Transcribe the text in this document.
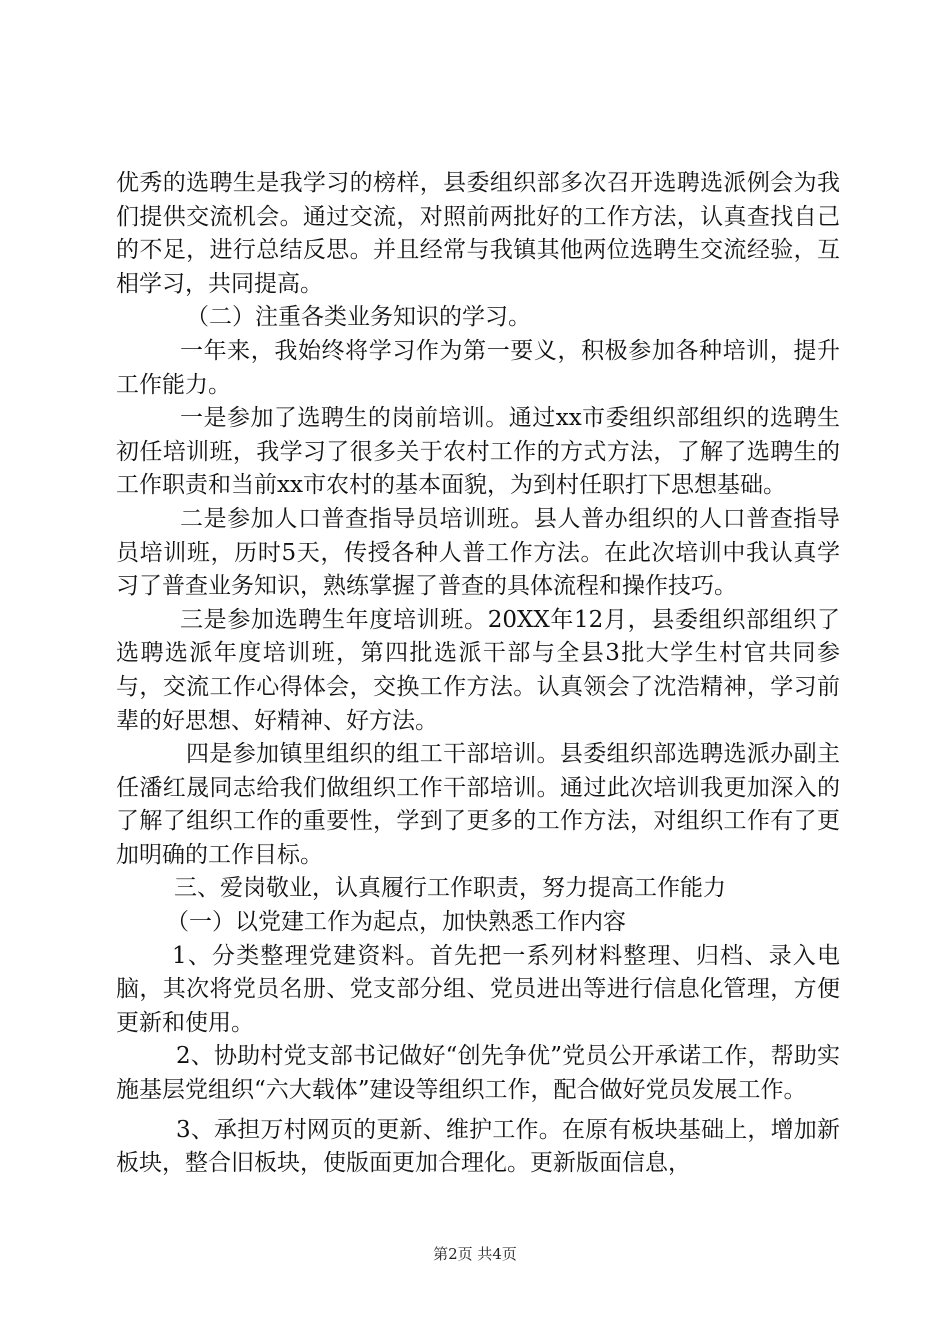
优秀的选聘生是我学习的榜样，县委组织部多次召开选聘选派例会为我们提供交流机会。通过交流，对照前两批好的工作方法，认真查找自己的不足，进行总结反思。并且经常与我镇其他两位选聘生交流经验，互相学习，共同提高。

（二）注重各类业务知识的学习。

一年来，我始终将学习作为第一要义，积极参加各种培训，提升工作能力。

一是参加了选聘生的岗前培训。通过xx市委组织部组织的选聘生初任培训班，我学习了很多关于农村工作的方式方法，了解了选聘生的工作职责和当前xx市农村的基本面貌，为到村任职打下思想基础。

二是参加人口普查指导员培训班。县人普办组织的人口普查指导员培训班，历时5天，传授各种人普工作方法。在此次培训中我认真学习了普查业务知识，熟练掌握了普查的具体流程和操作技巧。

三是参加选聘生年度培训班。20XX年12月，县委组织部组织了选聘选派年度培训班，第四批选派干部与全县3批大学生村官共同参与，交流工作心得体会，交换工作方法。认真领会了沈浩精神，学习前辈的好思想、好精神、好方法。

四是参加镇里组织的组工干部培训。县委组织部选聘选派办副主任潘红晟同志给我们做组织工作干部培训。通过此次培训我更加深入的了解了组织工作的重要性，学到了更多的工作方法，对组织工作有了更加明确的工作目标。

三、爱岗敬业，认真履行工作职责，努力提高工作能力

（一）以党建工作为起点，加快熟悉工作内容

1、分类整理党建资料。首先把一系列材料整理、归档、录入电脑，其次将党员名册、党支部分组、党员进出等进行信息化管理，方便更新和使用。

2、协助村党支部书记做好“创先争优”党员公开承诺工作，帮助实施基层党组织“六大载体”建设等组织工作，配合做好党员发展工作。

3、承担万村网页的更新、维护工作。在原有板块基础上，增加新板块，整合旧板块，使版面更加合理化。更新版面信息，

第2页 共4页
